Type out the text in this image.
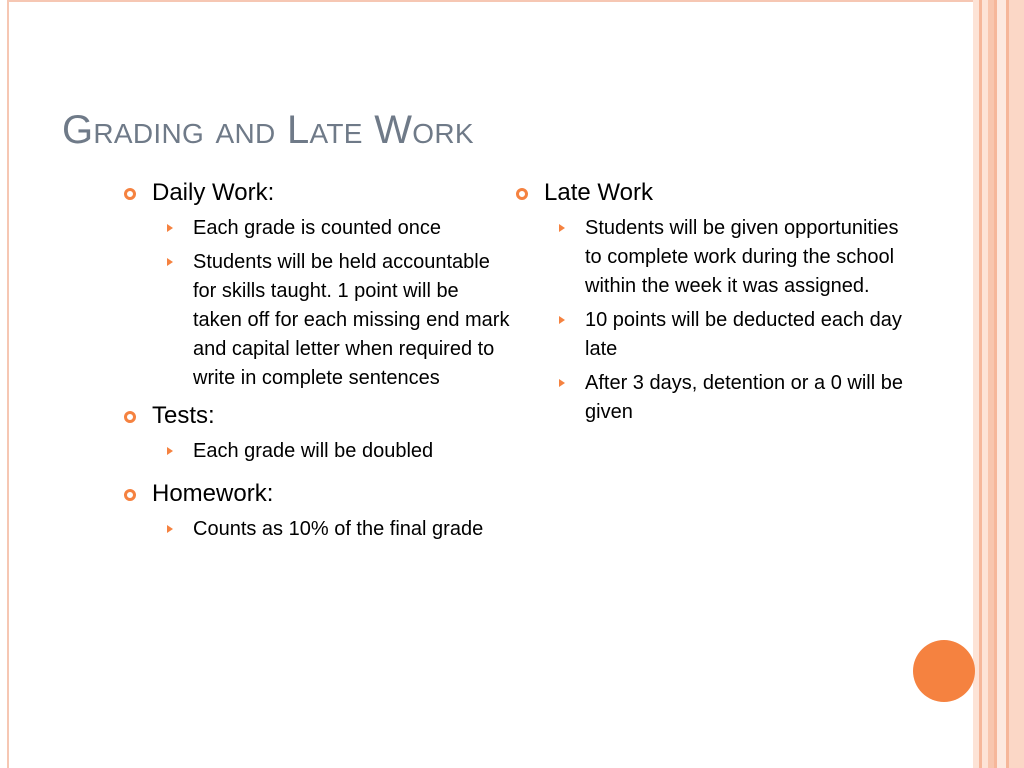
Grading and Late Work
Daily Work:
Each grade is counted once
Students will be held accountable for skills taught. 1 point will be taken off for each missing end mark and capital letter when required to write in complete sentences
Tests:
Each grade will be doubled
Homework:
Counts as 10% of the final grade
Late Work
Students will be given opportunities to complete work during the school within the week it was assigned.
10 points will be deducted each day late
After 3 days, detention or a 0 will be given
